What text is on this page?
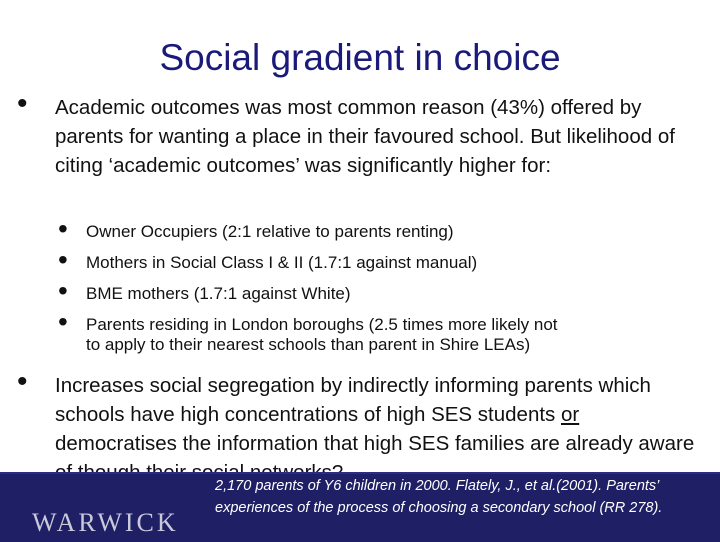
Social gradient in choice
• Academic outcomes was most common reason (43%) offered by parents for wanting a place in their favoured school. But likelihood of citing ‘academic outcomes’ was significantly higher for:
• Owner Occupiers (2:1 relative to parents renting)
• Mothers in Social Class I & II (1.7:1 against manual)
• BME mothers (1.7:1 against White)
• Parents residing in London boroughs (2.5 times more likely not
to apply to their nearest schools than parent in Shire LEAs)
• Increases social segregation by indirectly informing parents which schools have high concentrations of high SES students or democratises the information that high SES families are already aware
WARWICK
2,170 parents of Y6 children in 2000. Flately, J., et al.(2001). Parents’ experiences of the process of choosing a secondary school (RR 278).
